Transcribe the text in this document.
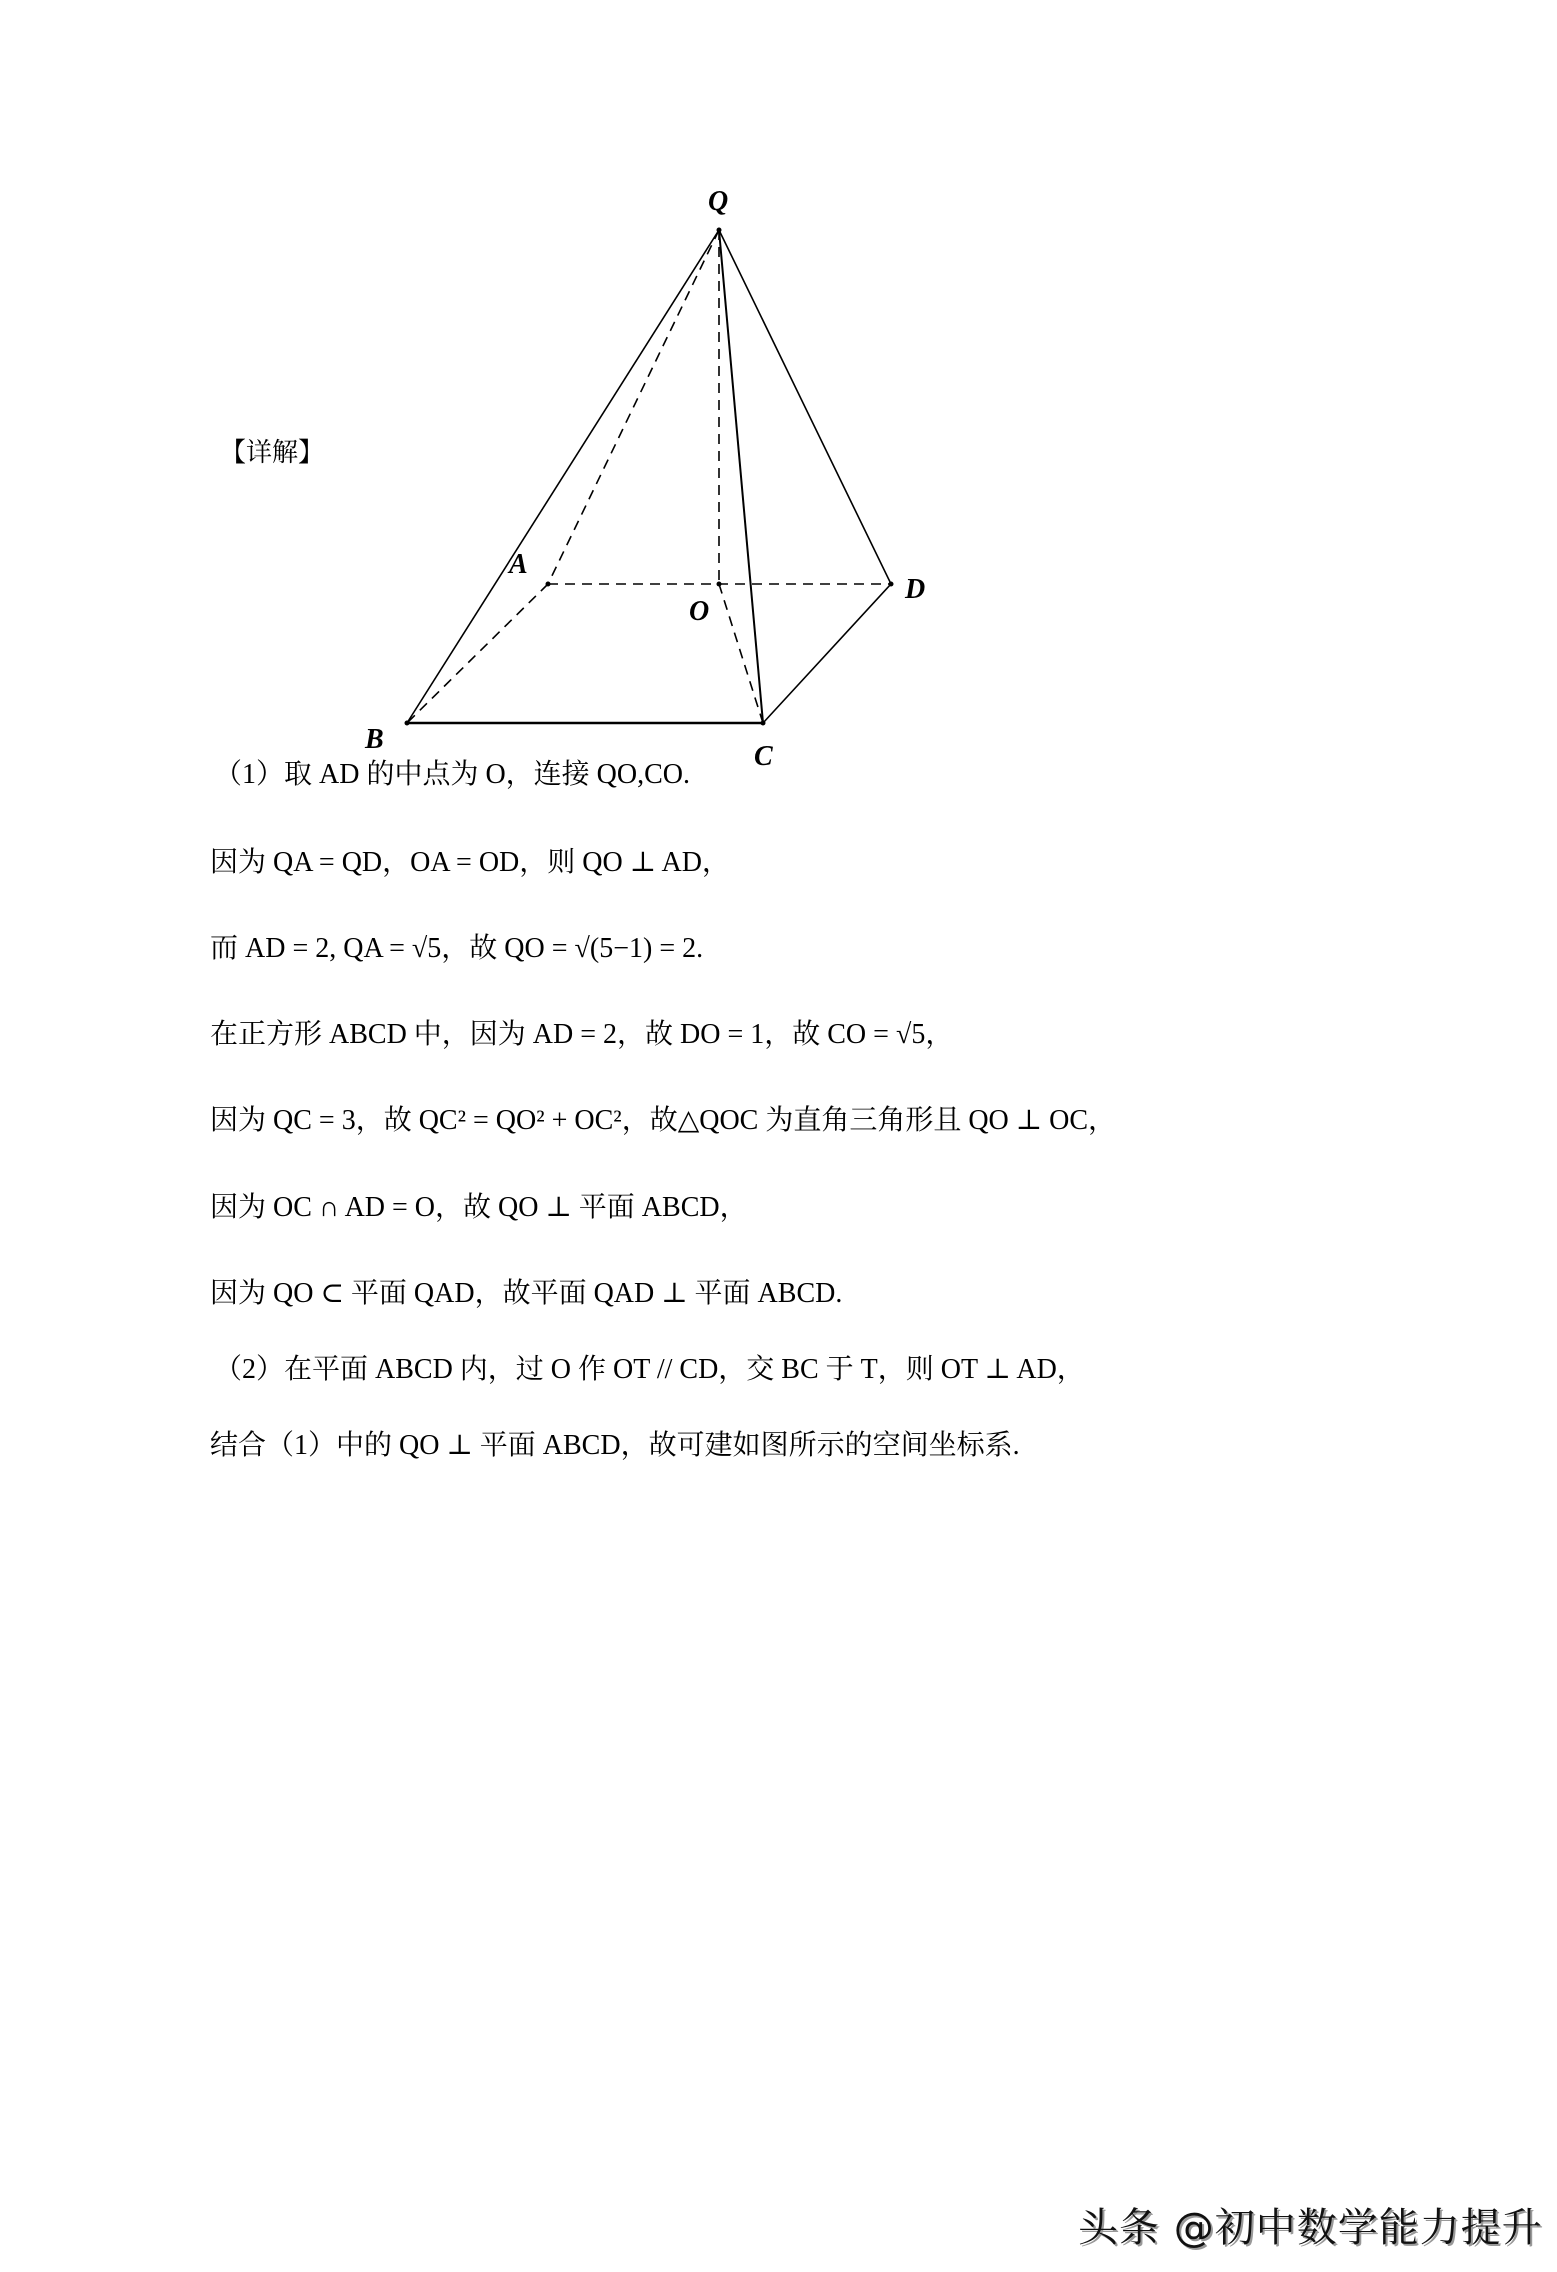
【详解】
Q
A
O
D
B
C
（1）取 AD 的中点为 O，连接 QO,CO.
因为 QA = QD，OA = OD，则 QO ⊥ AD，
而 AD = 2, QA = √5，故 QO = √(5−1) = 2.
在正方形 ABCD 中，因为 AD = 2，故 DO = 1，故 CO = √5，
因为 QC = 3，故 QC² = QO² + OC²，故△QOC 为直角三角形且 QO ⊥ OC，
因为 OC ∩ AD = O，故 QO ⊥ 平面 ABCD，
因为 QO ⊂ 平面 QAD，故平面 QAD ⊥ 平面 ABCD.
（2）在平面 ABCD 内，过 O 作 OT // CD，交 BC 于 T，则 OT ⊥ AD，
结合（1）中的 QO ⊥ 平面 ABCD，故可建如图所示的空间坐标系.
头条 @初中数学能力提升
